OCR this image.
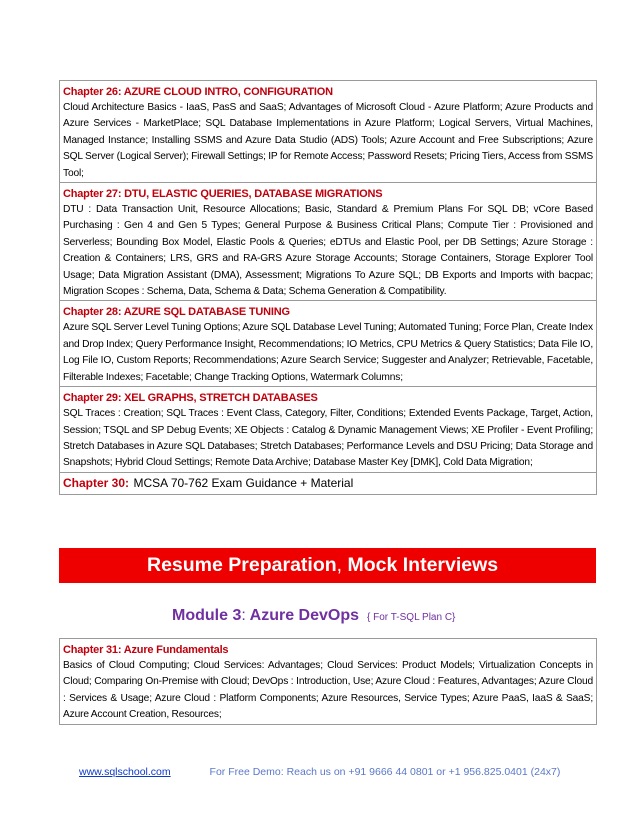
Chapter 26: AZURE CLOUD INTRO, CONFIGURATION
Cloud Architecture Basics - IaaS, PasS and SaaS; Advantages of Microsoft Cloud - Azure Platform; Azure Products and Azure Services - MarketPlace; SQL Database Implementations in Azure Platform; Logical Servers, Virtual Machines, Managed Instance; Installing SSMS and Azure Data Studio (ADS) Tools; Azure Account and Free Subscriptions; Azure SQL Server (Logical Server); Firewall Settings; IP for Remote Access; Password Resets; Pricing Tiers, Access from SSMS Tool;

Chapter 27: DTU, ELASTIC QUERIES, DATABASE MIGRATIONS
DTU : Data Transaction Unit, Resource Allocations; Basic, Standard & Premium Plans For SQL DB; vCore Based Purchasing : Gen 4 and Gen 5 Types; General Purpose & Business Critical Plans; Compute Tier : Provisioned and Serverless; Bounding Box Model, Elastic Pools & Queries; eDTUs and Elastic Pool, per DB Settings; Azure Storage : Creation & Containers; LRS, GRS and RA-GRS Azure Storage Accounts; Storage Containers, Storage Explorer Tool Usage; Data Migration Assistant (DMA), Assessment; Migrations To Azure SQL; DB Exports and Imports with bacpac; Migration Scopes : Schema, Data, Schema & Data; Schema Generation & Compatibility.

Chapter 28: AZURE SQL DATABASE TUNING
Azure SQL Server Level Tuning Options; Azure SQL Database Level Tuning; Automated Tuning; Force Plan, Create Index and Drop Index; Query Performance Insight, Recommendations; IO Metrics, CPU Metrics & Query Statistics; Data File IO, Log File IO, Custom Reports; Recommendations; Azure Search Service; Suggester and Analyzer; Retrievable, Facetable, Filterable Indexes; Facetable; Change Tracking Options, Watermark Columns;

Chapter 29: XEL GRAPHS, STRETCH DATABASES
SQL Traces : Creation; SQL Traces : Event Class, Category, Filter, Conditions; Extended Events Package, Target, Action, Session; TSQL and SP Debug Events; XE Objects : Catalog & Dynamic Management Views; XE Profiler - Event Profiling; Stretch Databases in Azure SQL Databases; Stretch Databases; Performance Levels and DSU Pricing; Data Storage and Snapshots; Hybrid Cloud Settings; Remote Data Archive; Database Master Key [DMK], Cold Data Migration;

Chapter 30: MCSA 70-762 Exam Guidance + Material
Resume Preparation, Mock Interviews
Module 3: Azure DevOps { For T-SQL Plan C}
Chapter 31: Azure Fundamentals
Basics of Cloud Computing; Cloud Services: Advantages; Cloud Services: Product Models; Virtualization Concepts in Cloud; Comparing On-Premise with Cloud; DevOps : Introduction, Use; Azure Cloud : Features, Advantages; Azure Cloud : Services & Usage; Azure Cloud : Platform Components; Azure Resources, Service Types; Azure PaaS, IaaS & SaaS; Azure Account Creation, Resources;
www.sqlschool.com	For Free Demo: Reach us on +91 9666 44 0801 or +1 956.825.0401 (24x7)
